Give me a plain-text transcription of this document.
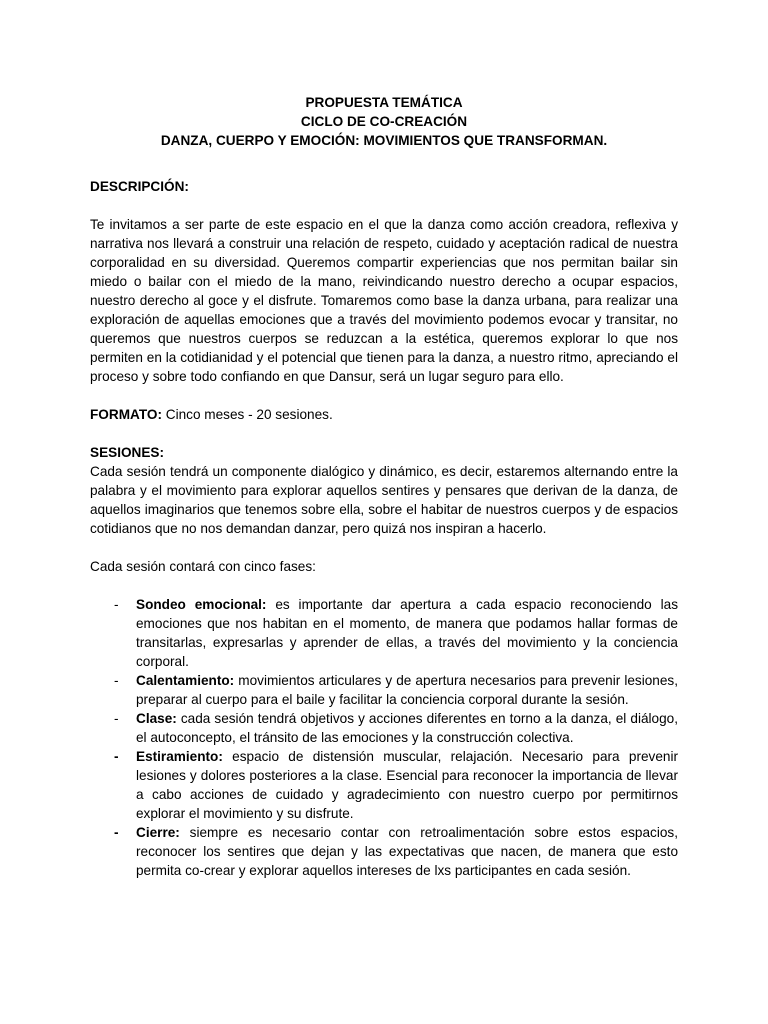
PROPUESTA TEMÁTICA
CICLO DE CO-CREACIÓN
DANZA, CUERPO Y EMOCIÓN: MOVIMIENTOS QUE TRANSFORMAN.
DESCRIPCIÓN:

Te invitamos a ser parte de este espacio en el que la danza como acción creadora, reflexiva y narrativa nos llevará a construir una relación de respeto, cuidado y aceptación radical de nuestra corporalidad en su diversidad. Queremos compartir experiencias que nos permitan bailar sin miedo o bailar con el miedo de la mano, reivindicando nuestro derecho a ocupar espacios, nuestro derecho al goce y el disfrute. Tomaremos como base la danza urbana, para realizar una exploración de aquellas emociones que a través del movimiento podemos evocar y transitar, no queremos que nuestros cuerpos se reduzcan a la estética, queremos explorar lo que nos permiten en la cotidianidad y el potencial que tienen para la danza, a nuestro ritmo, apreciando el proceso y sobre todo confiando en que Dansur, será un lugar seguro para ello.

FORMATO: Cinco meses - 20 sesiones.
SESIONES:

Cada sesión tendrá un componente dialógico y dinámico, es decir, estaremos alternando entre la palabra y el movimiento para explorar aquellos sentires y pensares que derivan de la danza, de aquellos imaginarios que tenemos sobre ella, sobre el habitar de nuestros cuerpos y de espacios cotidianos que no nos demandan danzar, pero quizá nos inspiran a hacerlo.

Cada sesión contará con cinco fases:
-	Sondeo emocional: es importante dar apertura a cada espacio reconociendo las emociones que nos habitan en el momento, de manera que podamos hallar formas de transitarlas, expresarlas y aprender de ellas, a través del movimiento y la conciencia corporal.
-	Calentamiento: movimientos articulares y de apertura necesarios para prevenir lesiones, preparar al cuerpo para el baile y facilitar la conciencia corporal durante la sesión.
-	Clase: cada sesión tendrá objetivos y acciones diferentes en torno a la danza, el diálogo, el autoconcepto, el tránsito de las emociones y la construcción colectiva.
-	Estiramiento: espacio de distensión muscular, relajación. Necesario para prevenir lesiones y dolores posteriores a la clase. Esencial para reconocer la importancia de llevar a cabo acciones de cuidado y agradecimiento con nuestro cuerpo por permitirnos explorar el movimiento y su disfrute.
-	Cierre: siempre es necesario contar con retroalimentación sobre estos espacios, reconocer los sentires que dejan y las expectativas que nacen, de manera que esto permita co-crear y explorar aquellos intereses de lxs participantes en cada sesión.
